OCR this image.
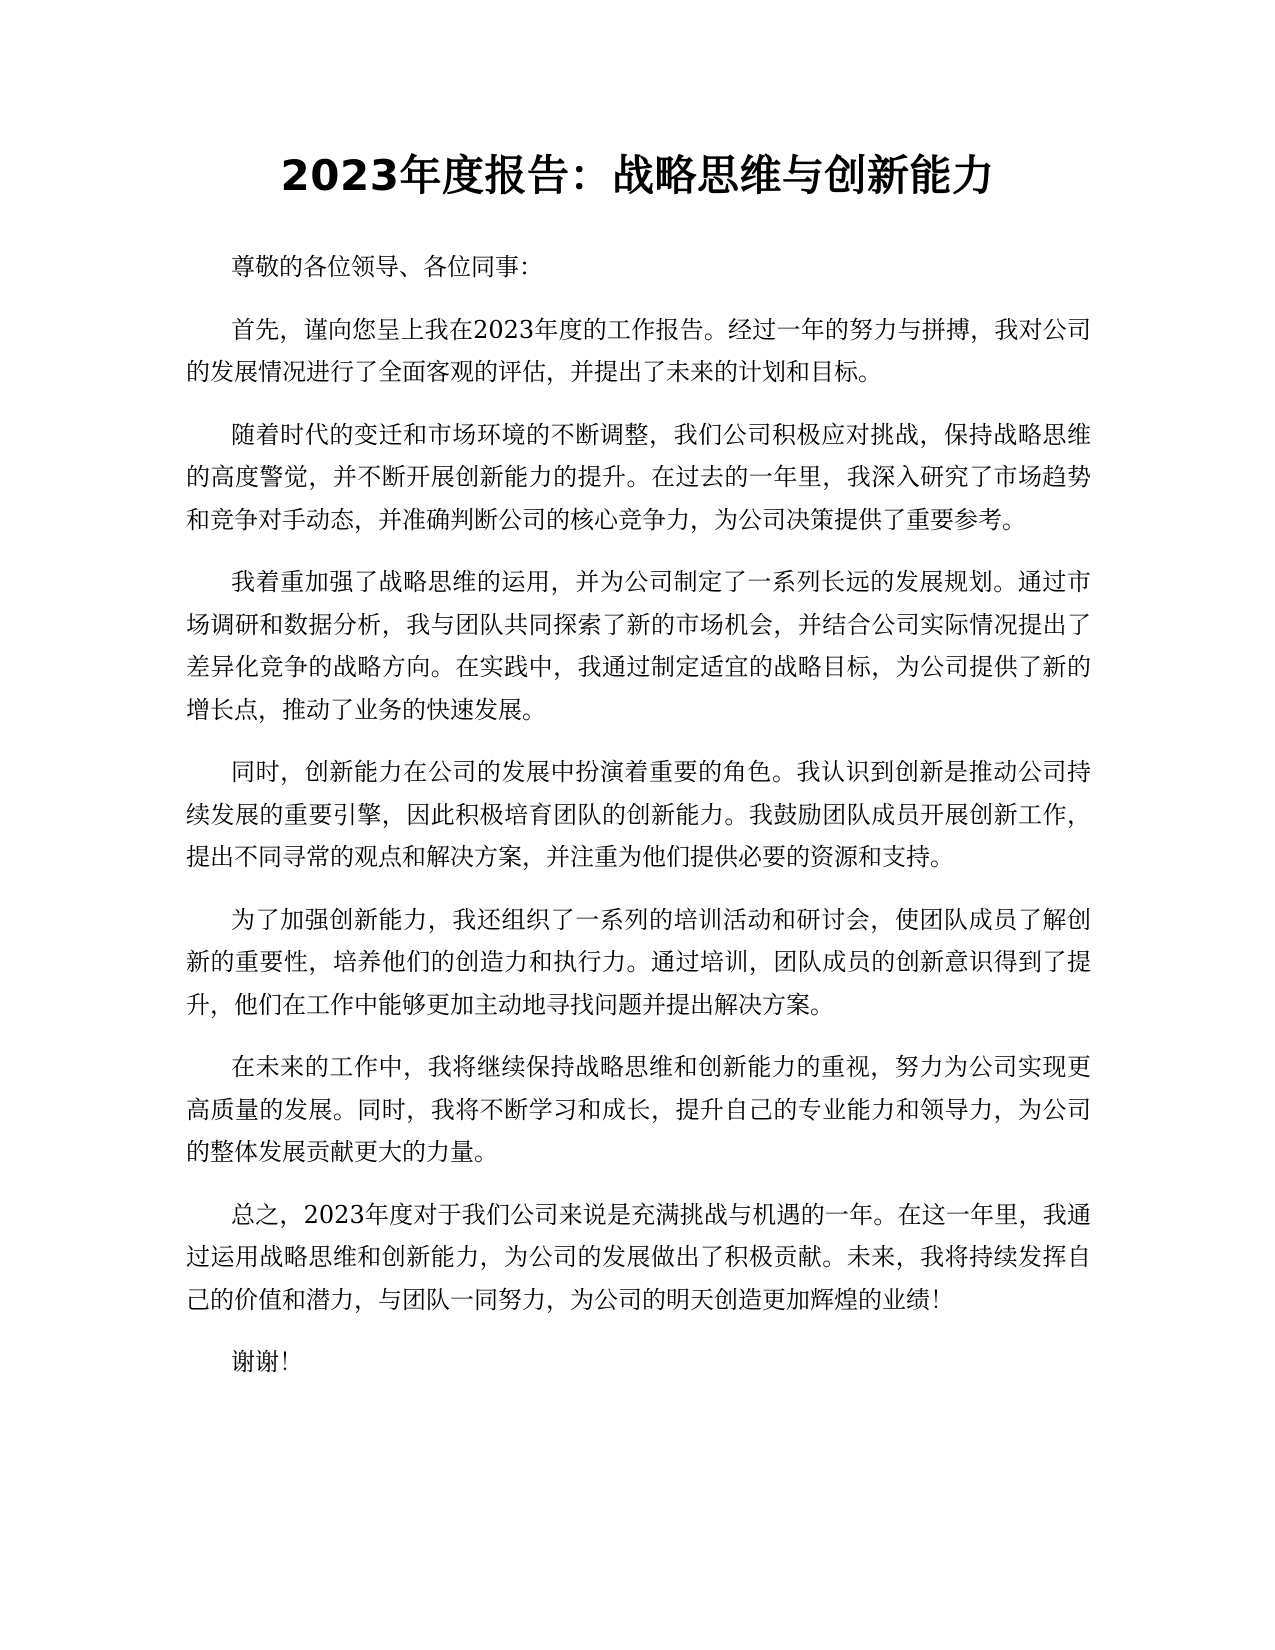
2023年度报告：战略思维与创新能力

尊敬的各位领导、各位同事：

首先，谨向您呈上我在2023年度的工作报告。经过一年的努力与拼搏，我对公司的发展情况进行了全面客观的评估，并提出了未来的计划和目标。

随着时代的变迁和市场环境的不断调整，我们公司积极应对挑战，保持战略思维的高度警觉，并不断开展创新能力的提升。在过去的一年里，我深入研究了市场趋势和竞争对手动态，并准确判断公司的核心竞争力，为公司决策提供了重要参考。

我着重加强了战略思维的运用，并为公司制定了一系列长远的发展规划。通过市场调研和数据分析，我与团队共同探索了新的市场机会，并结合公司实际情况提出了差异化竞争的战略方向。在实践中，我通过制定适宜的战略目标，为公司提供了新的增长点，推动了业务的快速发展。

同时，创新能力在公司的发展中扮演着重要的角色。我认识到创新是推动公司持续发展的重要引擎，因此积极培育团队的创新能力。我鼓励团队成员开展创新工作，提出不同寻常的观点和解决方案，并注重为他们提供必要的资源和支持。

为了加强创新能力，我还组织了一系列的培训活动和研讨会，使团队成员了解创新的重要性，培养他们的创造力和执行力。通过培训，团队成员的创新意识得到了提升，他们在工作中能够更加主动地寻找问题并提出解决方案。

在未来的工作中，我将继续保持战略思维和创新能力的重视，努力为公司实现更高质量的发展。同时，我将不断学习和成长，提升自己的专业能力和领导力，为公司的整体发展贡献更大的力量。

总之，2023年度对于我们公司来说是充满挑战与机遇的一年。在这一年里，我通过运用战略思维和创新能力，为公司的发展做出了积极贡献。未来，我将持续发挥自己的价值和潜力，与团队一同努力，为公司的明天创造更加辉煌的业绩！

谢谢！
